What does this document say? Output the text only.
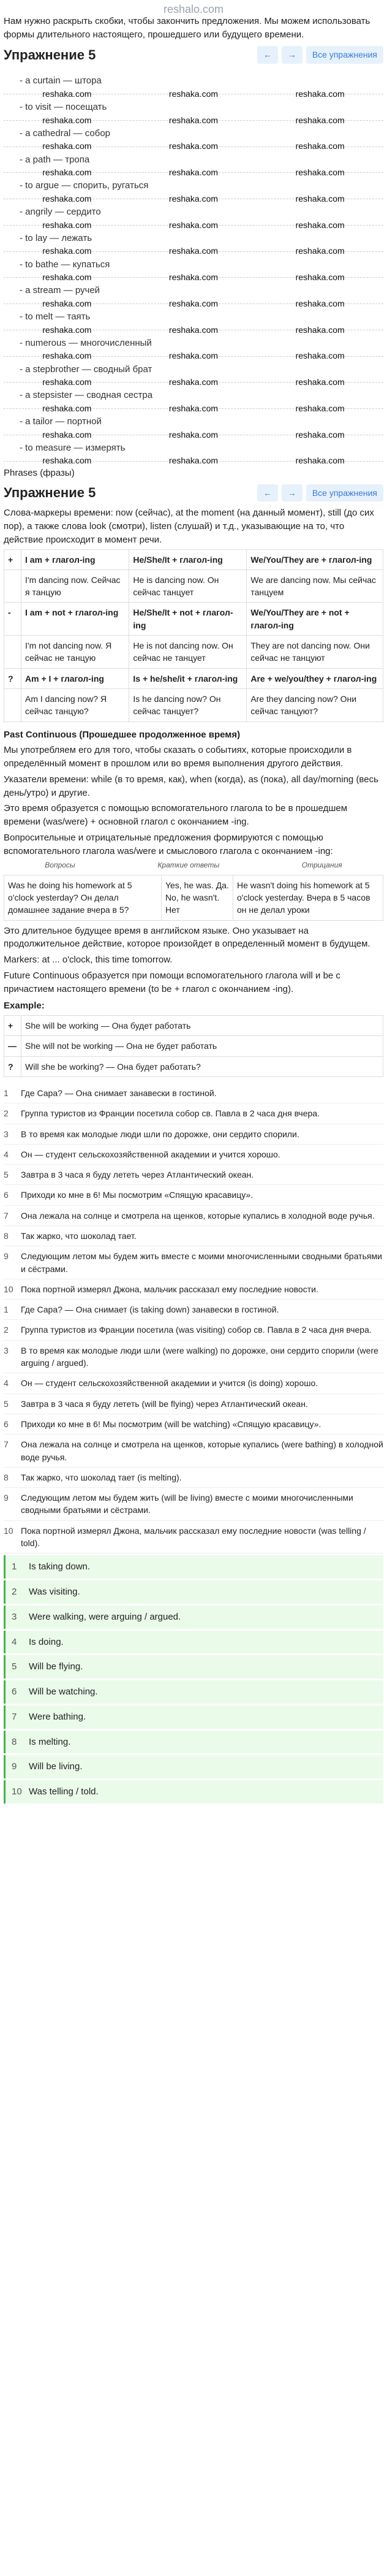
reshalo.com

Нам нужно раскрыть скобки, чтобы закончить предложения. Мы можем использовать формы длительного настоящего, прошедшего или будущего времени.

Упражнение 5	←	→	Все упражнения
- a curtain — штора
reshaka.com	reshaka.com	reshaka.com
- to visit — посещать
reshaka.com	reshaka.com	reshaka.com
- a cathedral — собор
reshaka.com	reshaka.com	reshaka.com
- a path — тропа
reshaka.com	reshaka.com	reshaka.com
- to argue — спорить, ругаться
reshaka.com	reshaka.com	reshaka.com
- angrily — сердито
reshaka.com	reshaka.com	reshaka.com
- to lay — лежать
reshaka.com	reshaka.com	reshaka.com
- to bathe — купаться
reshaka.com	reshaka.com	reshaka.com
- a stream — ручей
reshaka.com	reshaka.com	reshaka.com
- to melt — таять
reshaka.com	reshaka.com	reshaka.com
- numerous — многочисленный
reshaka.com	reshaka.com	reshaka.com
- a stepbrother — сводный брат
reshaka.com	reshaka.com	reshaka.com
- a stepsister — сводная сестра
reshaka.com	reshaka.com	reshaka.com
- a tailor — портной
reshaka.com	reshaka.com	reshaka.com
- to measure — измерять
reshaka.com	reshaka.com	reshaka.com
Phrases (фразы)
Упражнение 5	←	→	Все упражнения

Слова-маркеры времени: now (сейчас), at the moment (на данный момент), still (до сих пор), а также слова look (смотри), listen (слушай) и т.д., указывающие на то, что действие происходит в момент речи.

+	I am + глагол-ing	He/She/It + глагол-ing	We/You/They are + глагол-ing
	I'm dancing now. Сейчас я танцую	He is dancing now. Он сейчас танцует	We are dancing now. Мы сейчас танцуем
-	I am + not + глагол-ing	He/She/It + not + глагол-ing	We/You/They are + not + глагол-ing
	I'm not dancing now. Я сейчас не танцую	He is not dancing now. Он сейчас не танцует	They are not dancing now. Они сейчас не танцуют
?	Am + I + глагол-ing	Is + he/she/it + глагол-ing	Are + we/you/they + глагол-ing
	Am I dancing now? Я сейчас танцую?	Is he dancing now? Он сейчас танцует?	Are they dancing now? Они сейчас танцуют?
Past Continuous (Прошедшее продолженное время)

Мы употребляем его для того, чтобы сказать о событиях, которые происходили в определённый момент в прошлом или во время выполнения другого действия.

Указатели времени: while (в то время, как), when (когда), as (пока), all day/morning (весь день/утро) и другие.

Это время образуется с помощью вспомогательного глагола to be в прошедшем времени (was/were) + основной глагол с окончанием -ing.

Вопросительные и отрицательные предложения формируются с помощью вспомогательного глагола was/were и смыслового глагола с окончанием -ing:

Вопросы	Краткие ответы	Отрицания
Was he doing his homework at 5 o'clock yesterday? Он делал домашнее задание вчера в 5?	Yes, he was. Да. No, he wasn't. Нет	He wasn't doing his homework at 5 o'clock yesterday. Вчера в 5 часов он не делал уроки

Это длительное будущее время в английском языке. Оно указывает на продолжительное действие, которое произойдет в определенный момент в будущем.

Markers: at ... o'clock, this time tomorrow.

Future Continuous образуется при помощи вспомогательного глагола will и be с причастием настоящего времени (to be + глагол с окончанием -ing).

Example:
+	She will be working — Она будет работать
—	She will not be working — Она не будет работать
?	Will she be working? — Она будет работать?
1	Где Сара? — Она снимает занавески в гостиной.
2	Группа туристов из Франции посетила собор св. Павла в 2 часа дня вчера.
3	В то время как молодые люди шли по дорожке, они сердито спорили.
4	Он — студент сельскохозяйственной академии и учится хорошо.
5	Завтра в 3 часа я буду лететь через Атлантический океан.
6	Приходи ко мне в 6! Мы посмотрим «Спящую красавицу».
7	Она лежала на солнце и смотрела на щенков, которые купались в холодной воде ручья.
8	Так жарко, что шоколад тает.
9	Следующим летом мы будем жить вместе с моими многочисленными сводными братьями и сёстрами.
10 Пока портной измерял Джона, мальчик рассказал ему последние новости.
1	Где Сара? — Она снимает (is taking down) занавески в гостиной.
2	Группа туристов из Франции посетила (was visiting) собор св. Павла в 2 часа дня вчера.
3	В то время как молодые люди шли (were walking) по дорожке, они сердито спорили (were arguing / argued).
4	Он — студент сельскохозяйственной академии и учится (is doing) хорошо.
5	Завтра в 3 часа я буду лететь (will be flying) через Атлантический океан.
6	Приходи ко мне в 6! Мы посмотрим (will be watching) «Спящую красавицу».
7	Она лежала на солнце и смотрела на щенков, которые купались (were bathing) в холодной воде ручья.
8	Так жарко, что шоколад тает (is melting).
9	Следующим летом мы будем жить (will be living) вместе с моими многочисленными сводными братьями и сёстрами.
10 Пока портной измерял Джона, мальчик рассказал ему последние новости (was telling / told).
1	Is taking down.
2	Was visiting.
3	Were walking, were arguing / argued.
4	Is doing.
5	Will be flying.
6	Will be watching.
7	Were bathing.
8	Is melting.
9	Will be living.
10 Was telling / told.
